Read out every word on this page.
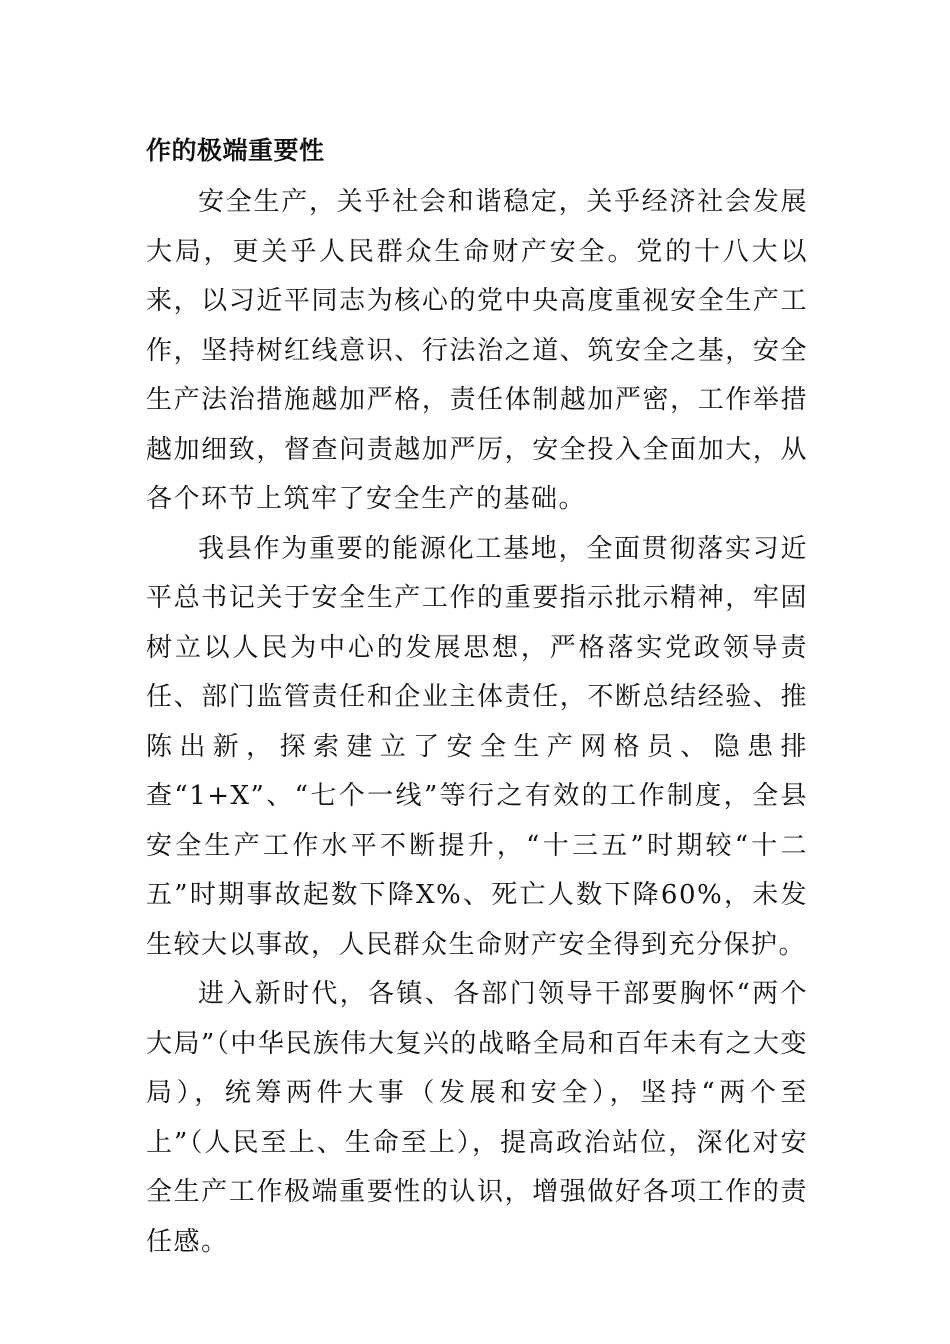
作的极端重要性

安全生产，关乎社会和谐稳定，关乎经济社会发展大局，更关乎人民群众生命财产安全。党的十八大以来，以习近平同志为核心的党中央高度重视安全生产工作，坚持树红线意识、行法治之道、筑安全之基，安全生产法治措施越加严格，责任体制越加严密，工作举措越加细致，督查问责越加严厉，安全投入全面加大，从各个环节上筑牢了安全生产的基础。

我县作为重要的能源化工基地，全面贯彻落实习近平总书记关于安全生产工作的重要指示批示精神，牢固树立以人民为中心的发展思想，严格落实党政领导责任、部门监管责任和企业主体责任，不断总结经验、推陈出新，探索建立了安全生产网格员、隐患排查“1+X”、“七个一线”等行之有效的工作制度，全县安全生产工作水平不断提升，“十三五”时期较“十二五”时期事故起数下降X%、死亡人数下降60%，未发生较大以事故，人民群众生命财产安全得到充分保护。

进入新时代，各镇、各部门领导干部要胸怀“两个大局”（中华民族伟大复兴的战略全局和百年未有之大变局），统筹两件大事（发展和安全），坚持“两个至上”（人民至上、生命至上），提高政治站位，深化对安全生产工作极端重要性的认识，增强做好各项工作的责任感。
